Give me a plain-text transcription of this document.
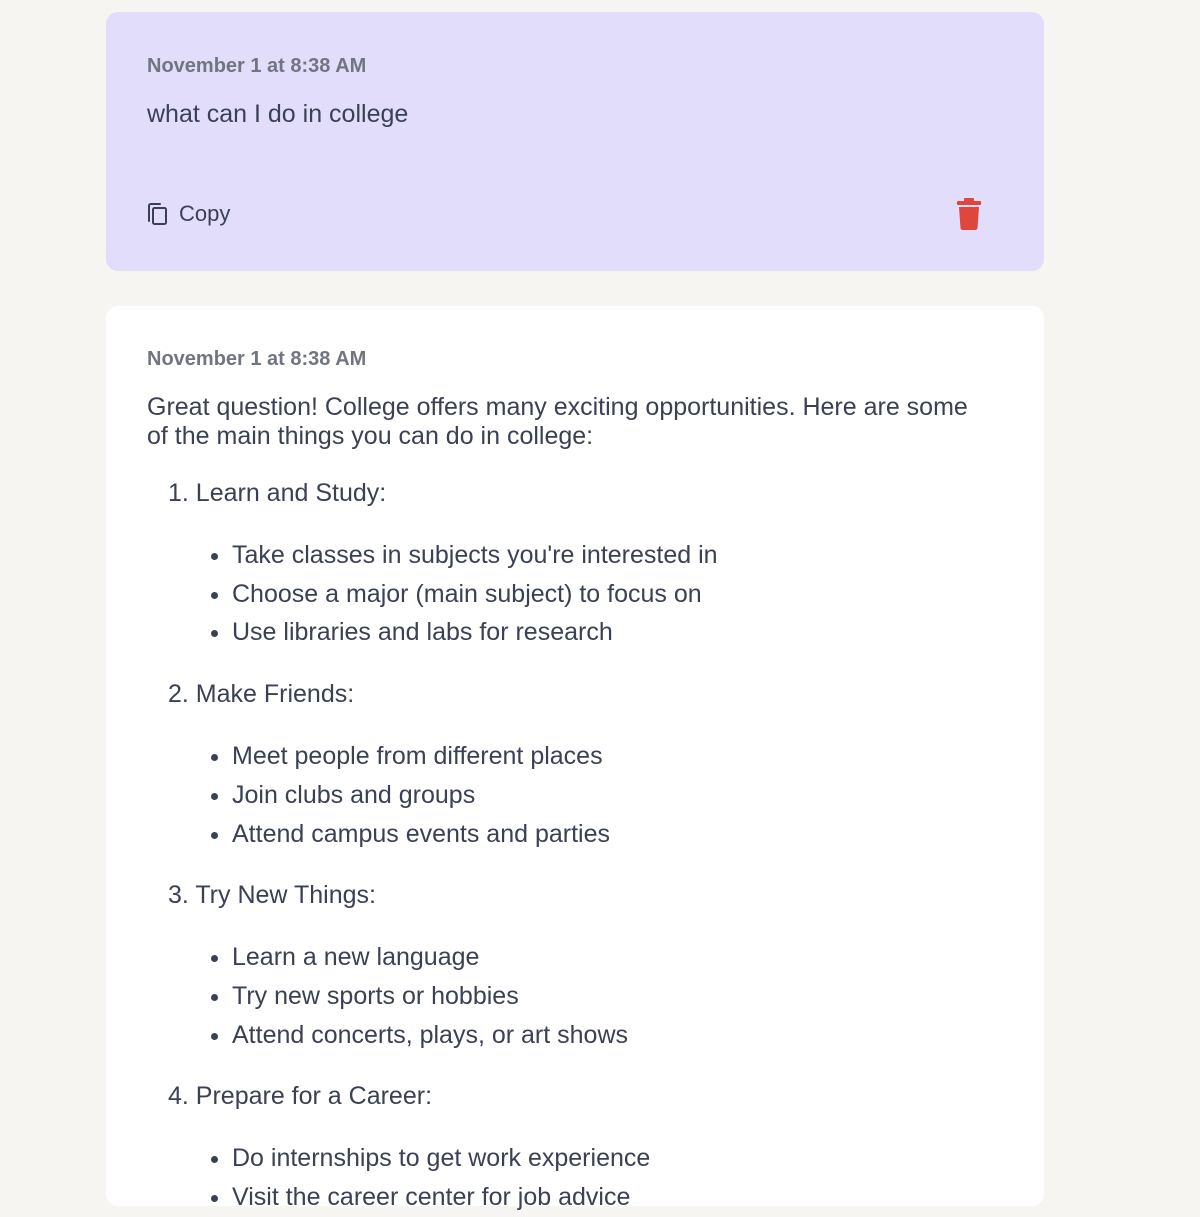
November 1 at 8:38 AM
what can I do in college
Copy
November 1 at 8:38 AM
Great question! College offers many exciting opportunities. Here are some of the main things you can do in college:
1. Learn and Study:
Take classes in subjects you're interested in
Choose a major (main subject) to focus on
Use libraries and labs for research
2. Make Friends:
Meet people from different places
Join clubs and groups
Attend campus events and parties
3. Try New Things:
Learn a new language
Try new sports or hobbies
Attend concerts, plays, or art shows
4. Prepare for a Career:
Do internships to get work experience
Visit the career center for job advice
